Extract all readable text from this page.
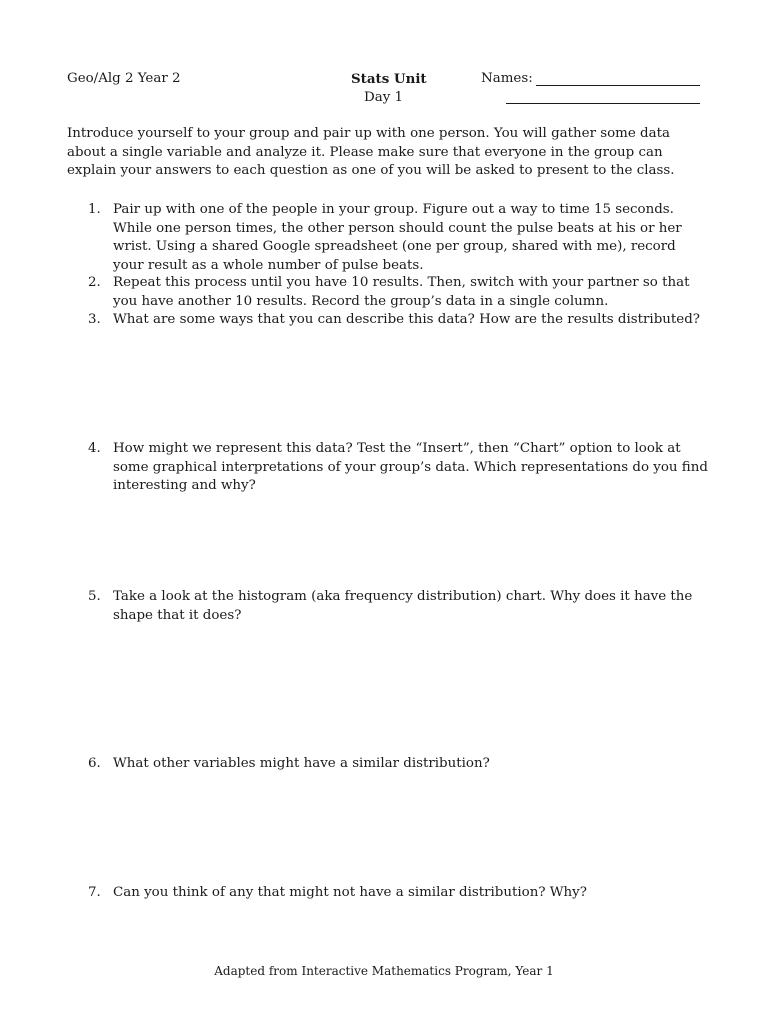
Geo/Alg 2 Year 2	Stats Unit
Day 1
Names:
Introduce yourself to your group and pair up with one person. You will gather some data about a single variable and analyze it. Please make sure that everyone in the group can explain your answers to each question as one of you will be asked to present to the class.
1. Pair up with one of the people in your group. Figure out a way to time 15 seconds. While one person times, the other person should count the pulse beats at his or her wrist. Using a shared Google spreadsheet (one per group, shared with me), record your result as a whole number of pulse beats.
2. Repeat this process until you have 10 results. Then, switch with your partner so that you have another 10 results. Record the group’s data in a single column.
3. What are some ways that you can describe this data? How are the results distributed?
4. How might we represent this data? Test the “Insert”, then “Chart” option to look at some graphical interpretations of your group’s data. Which representations do you find interesting and why?
5. Take a look at the histogram (aka frequency distribution) chart. Why does it have the shape that it does?
6. What other variables might have a similar distribution?
7. Can you think of any that might not have a similar distribution? Why?
Adapted from Interactive Mathematics Program, Year 1
